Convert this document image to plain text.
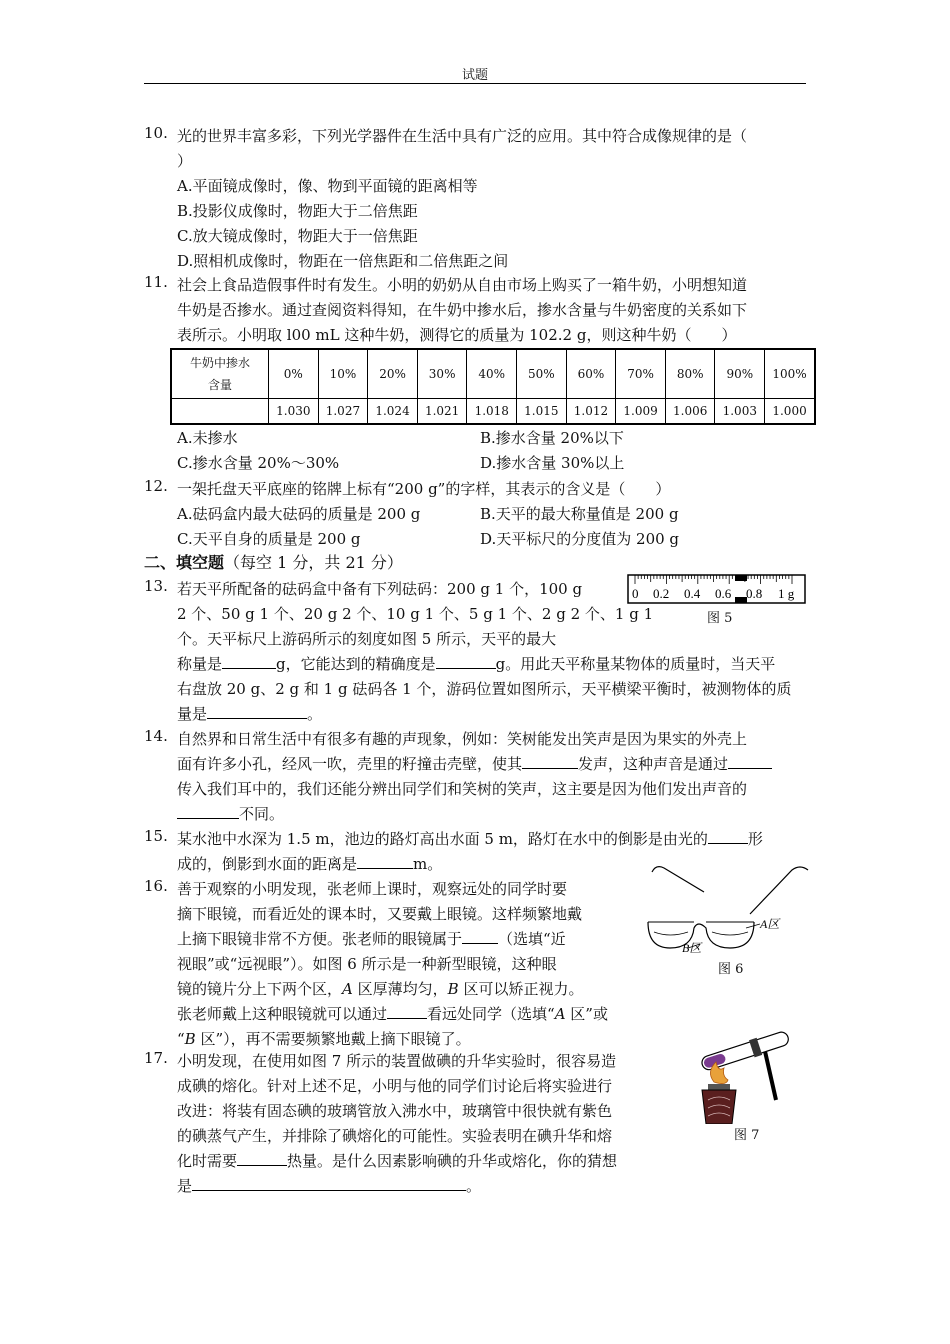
试题
10. 光的世界丰富多彩，下列光学器件在生活中具有广泛的应用。其中符合成像规律的是（
）
A.平面镜成像时，像、物到平面镜的距离相等
B.投影仪成像时，物距大于二倍焦距
C.放大镜成像时，物距大于一倍焦距
D.照相机成像时，物距在一倍焦距和二倍焦距之间
11. 社会上食品造假事件时有发生。小明的奶奶从自由市场上购买了一箱牛奶，小明想知道
牛奶是否掺水。通过查阅资料得知，在牛奶中掺水后，掺水含量与牛奶密度的关系如下
表所示。小明取 l00 mL 这种牛奶，测得它的质量为 102.2 g，则这种牛奶（　　）
牛奶中掺水
含量	0%	10%	20%	30%	40%	50%	60%	70%	80%	90%	100%
	1.030	1.027	1.024	1.021	1.018	1.015	1.012	1.009	1.006	1.003	1.000
A.未掺水	B.掺水含量 20%以下
C.掺水含量 20%～30%	D.掺水含量 30%以上
12. 一架托盘天平底座的铭牌上标有“200 g”的字样，其表示的含义是（　　）
A.砝码盒内最大砝码的质量是 200 g	B.天平的最大称量值是 200 g
C.天平自身的质量是 200 g	D.天平标尺的分度值为 200 g
二、填空题（每空 1 分，共 21 分）
13. 若天平所配备的砝码盒中备有下列砝码：200 g 1 个，100 g
2 个、50 g 1 个、20 g 2 个、10 g 1 个、5 g 1 个、2 g 2 个、1 g 1
个。天平标尺上游码所示的刻度如图 5 所示，天平的最大
称量是	g，它能达到的精确度是	g。用此天平称量某物体的质量时，当天平
右盘放 20 g、2 g 和 1 g 砝码各 1 个，游码位置如图所示，天平横梁平衡时，被测物体的质
量是	。
0 0.2 0.4 0.6 0.8 1 g
图 5
14. 自然界和日常生活中有很多有趣的声现象，例如：笑树能发出笑声是因为果实的外壳上
面有许多小孔，经风一吹，壳里的籽撞击壳壁，使其	发声，这种声音是通过
传入我们耳中的，我们还能分辨出同学们和笑树的笑声，这主要是因为他们发出声音的
不同。
15. 某水池中水深为 1.5 m，池边的路灯高出水面 5 m，路灯在水中的倒影是由光的	形
成的，倒影到水面的距离是	m。
16. 善于观察的小明发现，张老师上课时，观察远处的同学时要
摘下眼镜，而看近处的课本时，又要戴上眼镜。这样频繁地戴
上摘下眼镜非常不方便。张老师的眼镜属于 （选填“近
视眼”或“远视眼”）。如图 6 所示是一种新型眼镜，这种眼
镜的镜片分上下两个区，A 区厚薄均匀，B 区可以矫正视力。
张老师戴上这种眼镜就可以通过	看远处同学（选填“A 区”或
“B 区”），再不需要频繁地戴上摘下眼镜了。
A区
B区
图 6
17. 小明发现，在使用如图 7 所示的装置做碘的升华实验时，很容易造
成碘的熔化。针对上述不足，小明与他的同学们讨论后将实验进行
改进：将装有固态碘的玻璃管放入沸水中，玻璃管中很快就有紫色
的碘蒸气产生，并排除了碘熔化的可能性。实验表明在碘升华和熔
化时需要	热量。是什么因素影响碘的升华或熔化，你的猜想
是	。
图 7
